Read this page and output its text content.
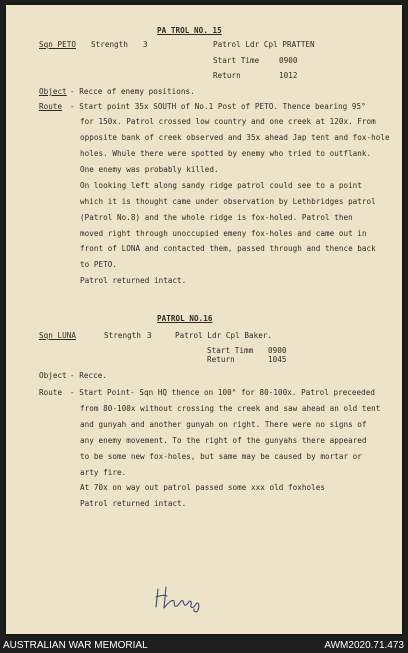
PA TROL NO. 15
Sqn PETO Strength 3	Patrol Ldr Cpl PRATTEN
Start Time	0900
Return	1012
Object - Recce of enemy positions.
Route - Start point 35x SOUTH of No.1 Post of PETO. Thence bearing 95°
for 150x. Patrol crossed low country and one creek at 120x. From
opposite bank of creek observed and 35x ahead Jap tent and fox-hole
holes. Whule there were spotted by enemy who tried to outflank.
One enemy was probably killed.
On looking left along sandy ridge patrol could see to a point
which it is thought came under observation by Lethbridges patrol
(Patrol No.8) and the whole ridge is fox-holed. Patrol then
moved right through unoccupied emeny fox-holes and came out in
front of LONA and contacted them, passed through and thence back
to PETO.
Patrol returned intact.
PATROL NO.16
Sqn LUNA	Strength 3	Patrol Ldr Cpl Baker.
Start Timm 0900
Return	1045
Object - Recce.
Route - Start Point- Sqn HQ thence on 100° for 80-100x. Patrol preceeded
from 80-100x without crossing the creek and saw ahead an old tent
and gunyah and another gunyah on right. There were no signs of
any enemy movement. To the right of the gunyahs there appeared
to be some new fox-holes, but same may be caused by mortar or
arty fire.
At 70x on way out patrol passed some xxx old foxholes
Patrol returned intact.
AUSTRALIAN WAR MEMORIAL	AWM2020.71.473
